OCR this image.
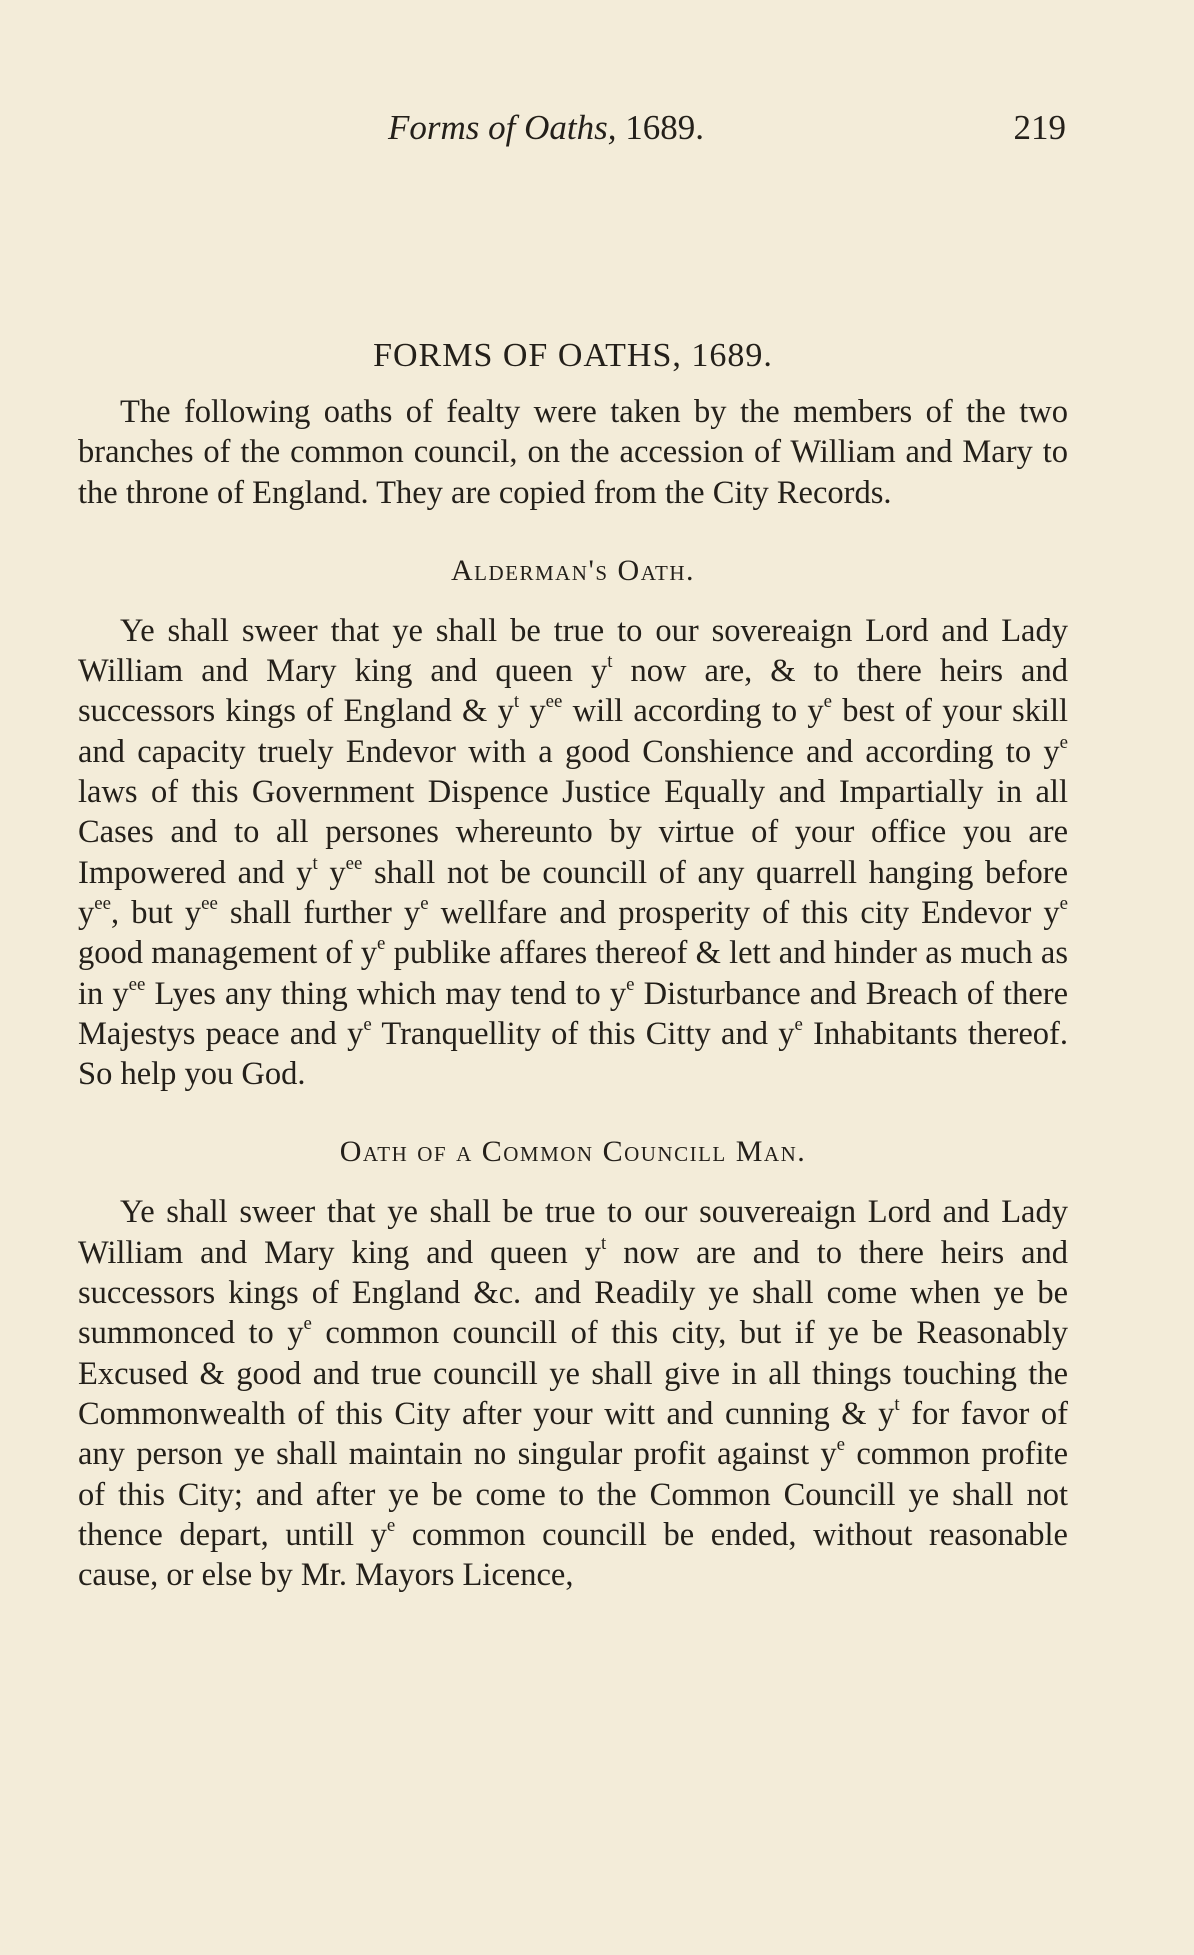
Forms of Oaths, 1689.	219
FORMS OF OATHS, 1689.

The following oaths of fealty were taken by the members of the two branches of the common council, on the accession of William and Mary to the throne of England. They are copied from the City Records.

Alderman's Oath.

Ye shall sweer that ye shall be true to our sovereaign Lord and Lady William and Mary king and queen $y^t$ now are, & to there heirs and successors kings of England & $y^t$ $y^{ee}$ will according to $y^e$ best of your skill and capacity truely Endevor with a good Conshience and according to $y^e$ laws of this Government Dispence Justice Equally and Impartially in all Cases and to all persones whereunto by virtue of your office you are Impowered and $y^t$ $y^{ee}$ shall not be councill of any quarrell hanging before $y^{ee}$, but $y^{ee}$ shall further $y^e$ wellfare and prosperity of this city Endevor $y^e$ good management of $y^e$ publike affares thereof & lett and hinder as much as in $y^{ee}$ Lyes any thing which may tend to $y^e$ Disturbance and Breach of there Majestys peace and $y^e$ Tranquellity of this Citty and $y^e$ Inhabitants thereof. So help you God.

Oath of a Common Councill Man.

Ye shall sweer that ye shall be true to our souvereaign Lord and Lady William and Mary king and queen $y^t$ now are and to there heirs and successors kings of England &c. and Readily ye shall come when ye be summonced to $y^e$ common councill of this city, but if ye be Reasonably Excused & good and true councill ye shall give in all things touching the Commonwealth of this City after your witt and cunning & $y^t$ for favor of any person ye shall maintain no singular profit against $y^e$ common profite of this City; and after ye be come to the Common Councill ye shall not thence depart, untill $y^e$ common councill be ended, without reasonable cause, or else by Mr. Mayors Licence,
